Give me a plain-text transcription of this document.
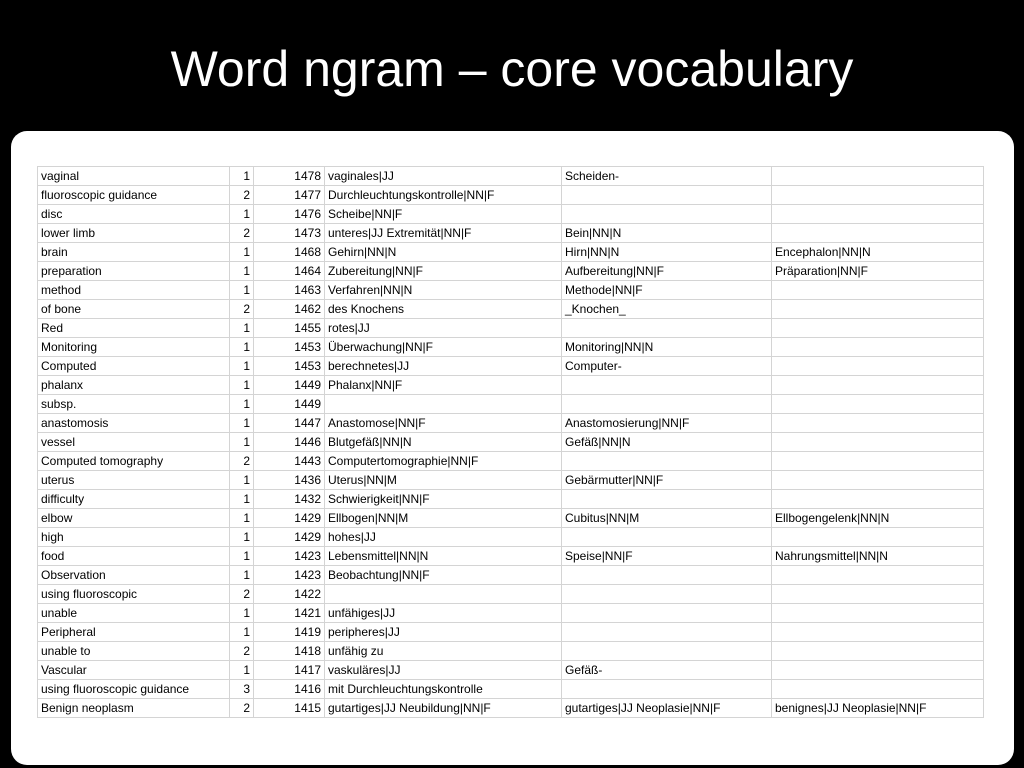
Word ngram – core vocabulary
vaginal	1	1478	vaginales|JJ	Scheiden-	
fluoroscopic guidance	2	1477	Durchleuchtungskontrolle|NN|F		
disc	1	1476	Scheibe|NN|F		
lower limb	2	1473	unteres|JJ Extremität|NN|F	Bein|NN|N	
brain	1	1468	Gehirn|NN|N	Hirn|NN|N	Encephalon|NN|N
preparation	1	1464	Zubereitung|NN|F	Aufbereitung|NN|F	Präparation|NN|F
method	1	1463	Verfahren|NN|N	Methode|NN|F	
of bone	2	1462	des Knochens	_Knochen_	
Red	1	1455	rotes|JJ		
Monitoring	1	1453	Überwachung|NN|F	Monitoring|NN|N	
Computed	1	1453	berechnetes|JJ	Computer-	
phalanx	1	1449	Phalanx|NN|F		
subsp.	1	1449			
anastomosis	1	1447	Anastomose|NN|F	Anastomosierung|NN|F	
vessel	1	1446	Blutgefäß|NN|N	Gefäß|NN|N	
Computed tomography	2	1443	Computertomographie|NN|F		
uterus	1	1436	Uterus|NN|M	Gebärmutter|NN|F	
difficulty	1	1432	Schwierigkeit|NN|F		
elbow	1	1429	Ellbogen|NN|M	Cubitus|NN|M	Ellbogengelenk|NN|N
high	1	1429	hohes|JJ		
food	1	1423	Lebensmittel|NN|N	Speise|NN|F	Nahrungsmittel|NN|N
Observation	1	1423	Beobachtung|NN|F		
using fluoroscopic	2	1422			
unable	1	1421	unfähiges|JJ		
Peripheral	1	1419	peripheres|JJ		
unable to	2	1418	unfähig zu		
Vascular	1	1417	vaskuläres|JJ	Gefäß-	
using fluoroscopic guidance	3	1416	mit Durchleuchtungskontrolle		
Benign neoplasm	2	1415	gutartiges|JJ Neubildung|NN|F	gutartiges|JJ Neoplasie|NN|F	benignes|JJ Neoplasie|NN|F
